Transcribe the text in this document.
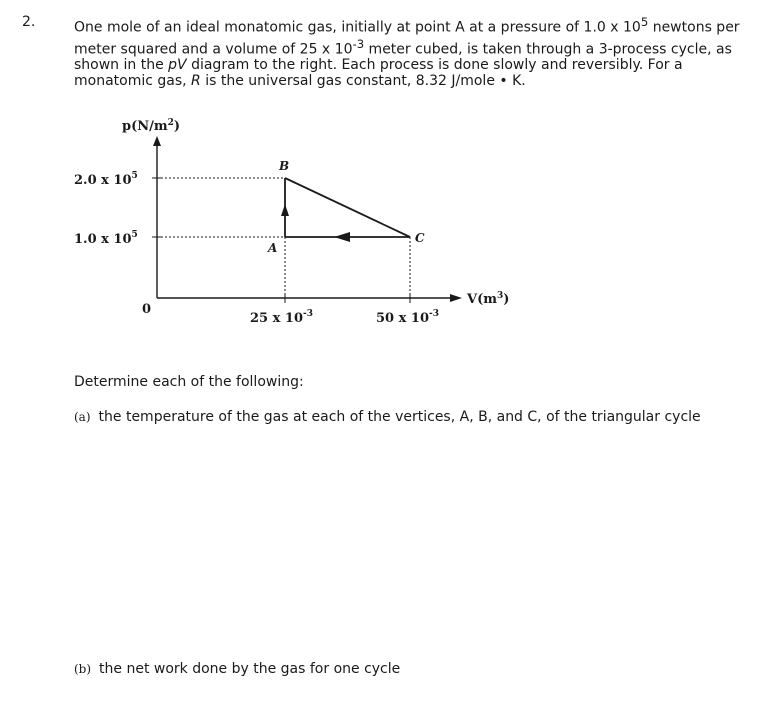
2.	One mole of an ideal monatomic gas, initially at point A at a pressure of 1.0 x $10^5$ newtons per meter squared and a volume of 25 x $10^{-3}$ meter cubed, is taken through a 3-process cycle, as shown in the pV diagram to the right. Each process is done slowly and reversibly. For a monatomic gas, R is the universal gas constant, 8.32 J/mole • K.

$p(N/m^2)$
$V(m^3)$
0
2.0 x $10^5$
1.0 x $10^5$
25 x $10^{-3}$	50 x $10^{-3}$
B
A
C

Determine each of the following:

(a) the temperature of the gas at each of the vertices, A, B, and C, of the triangular cycle

(b) the net work done by the gas for one cycle
